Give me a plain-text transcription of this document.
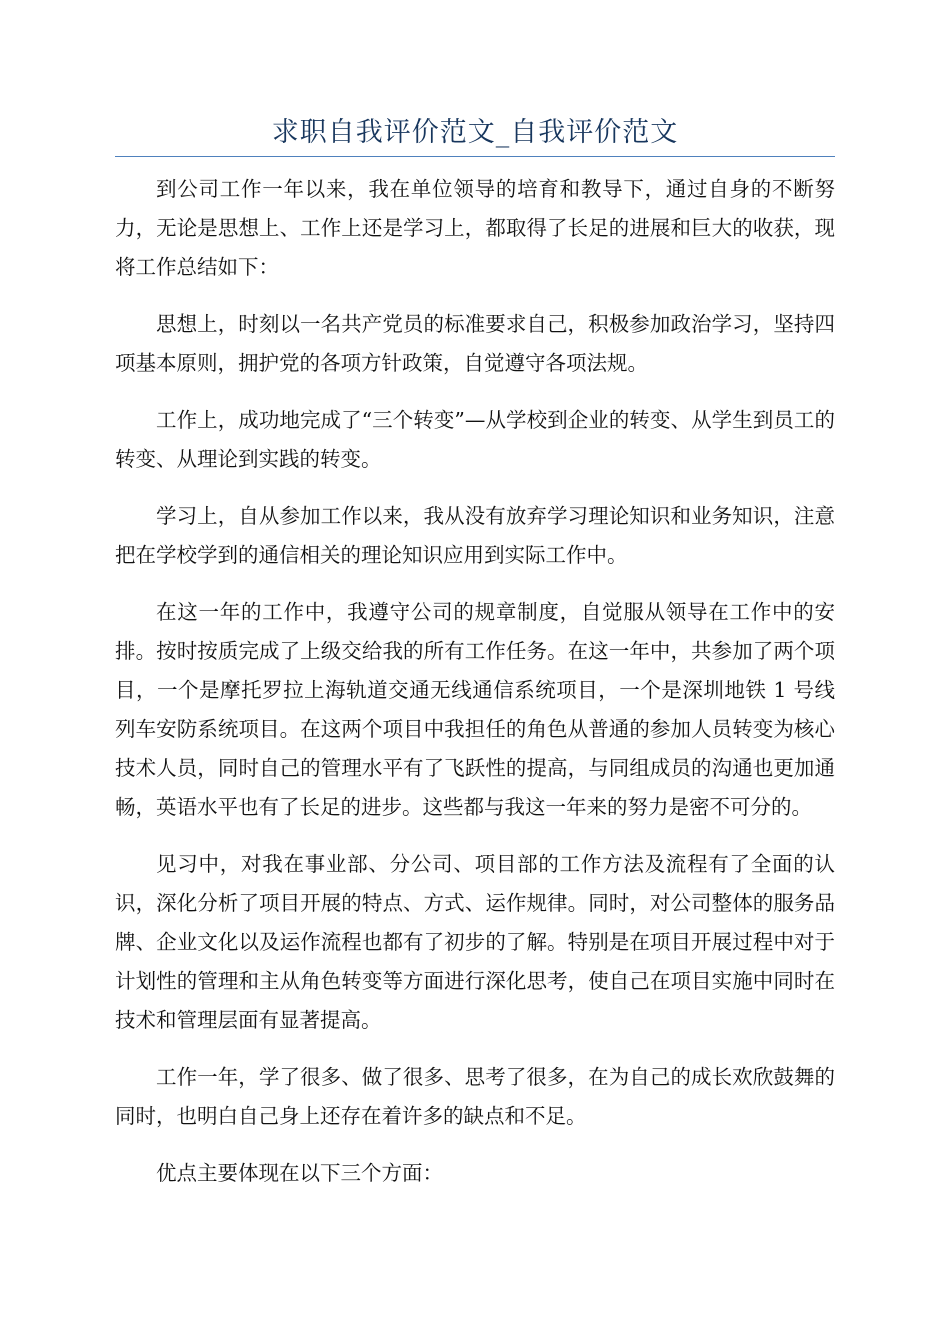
求职自我评价范文_自我评价范文

到公司工作一年以来，我在单位领导的培育和教导下，通过自身的不断努力，无论是思想上、工作上还是学习上，都取得了长足的进展和巨大的收获，现将工作总结如下：

思想上，时刻以一名共产党员的标准要求自己，积极参加政治学习，坚持四项基本原则，拥护党的各项方针政策，自觉遵守各项法规。

工作上，成功地完成了“三个转变”—从学校到企业的转变、从学生到员工的转变、从理论到实践的转变。

学习上，自从参加工作以来，我从没有放弃学习理论知识和业务知识，注意把在学校学到的通信相关的理论知识应用到实际工作中。

在这一年的工作中，我遵守公司的规章制度，自觉服从领导在工作中的安排。按时按质完成了上级交给我的所有工作任务。在这一年中，共参加了两个项目，一个是摩托罗拉上海轨道交通无线通信系统项目，一个是深圳地铁 1 号线列车安防系统项目。在这两个项目中我担任的角色从普通的参加人员转变为核心技术人员，同时自己的管理水平有了飞跃性的提高，与同组成员的沟通也更加通畅，英语水平也有了长足的进步。这些都与我这一年来的努力是密不可分的。

见习中，对我在事业部、分公司、项目部的工作方法及流程有了全面的认识，深化分析了项目开展的特点、方式、运作规律。同时，对公司整体的服务品牌、企业文化以及运作流程也都有了初步的了解。特别是在项目开展过程中对于计划性的管理和主从角色转变等方面进行深化思考，使自己在项目实施中同时在技术和管理层面有显著提高。

工作一年，学了很多、做了很多、思考了很多，在为自己的成长欢欣鼓舞的同时，也明白自己身上还存在着许多的缺点和不足。

优点主要体现在以下三个方面：
